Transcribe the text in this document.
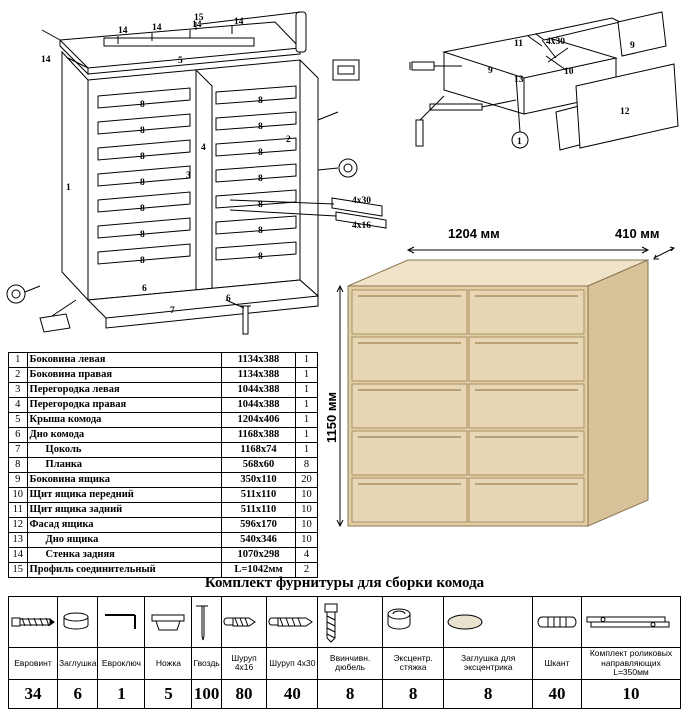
15
14
14	14	14	14
5
8
8
8
8
8
8
8
8
8
8
8
8
8
8
1
2
3
4
6
7
6
4x30
4x16
11 4x30	9
9
13
10
12
1
1204 мм	410 мм
1150 мм
1	Боковина левая	1134x388	1
2	Боковина правая	1134x388	1
3	Перегородка левая	1044x388	1
4	Перегородка правая	1044x388	1
5	Крыша комода	1204x406	1
6	Дно комода	1168x388	1
7	Цоколь	1168x74	1
8	Планка	568x60	8
9	Боковина ящика	350x110	20
10	Щит ящика передний	511x110	10
11	Щит ящика задний	511x110	10
12	Фасад ящика	596x170	10
13	Дно ящика	540x346	10
14	Стенка задняя	1070x298	4
15	Профиль соединительный	L=1042мм	2
Комплект фурнитуры для сборки комода

Евровинт	Заглушка	Евроключ	Ножка	Гвоздь	Шуруп 4х16	Шуруп 4х30	Ввинчивн. дюбель	Эксцентр. стяжка	Заглушка для эксцентрика	Шкант	Комплект роликовых направляющих L=350мм
34	6	1	5	100	80	40	8	8	8	40	10
